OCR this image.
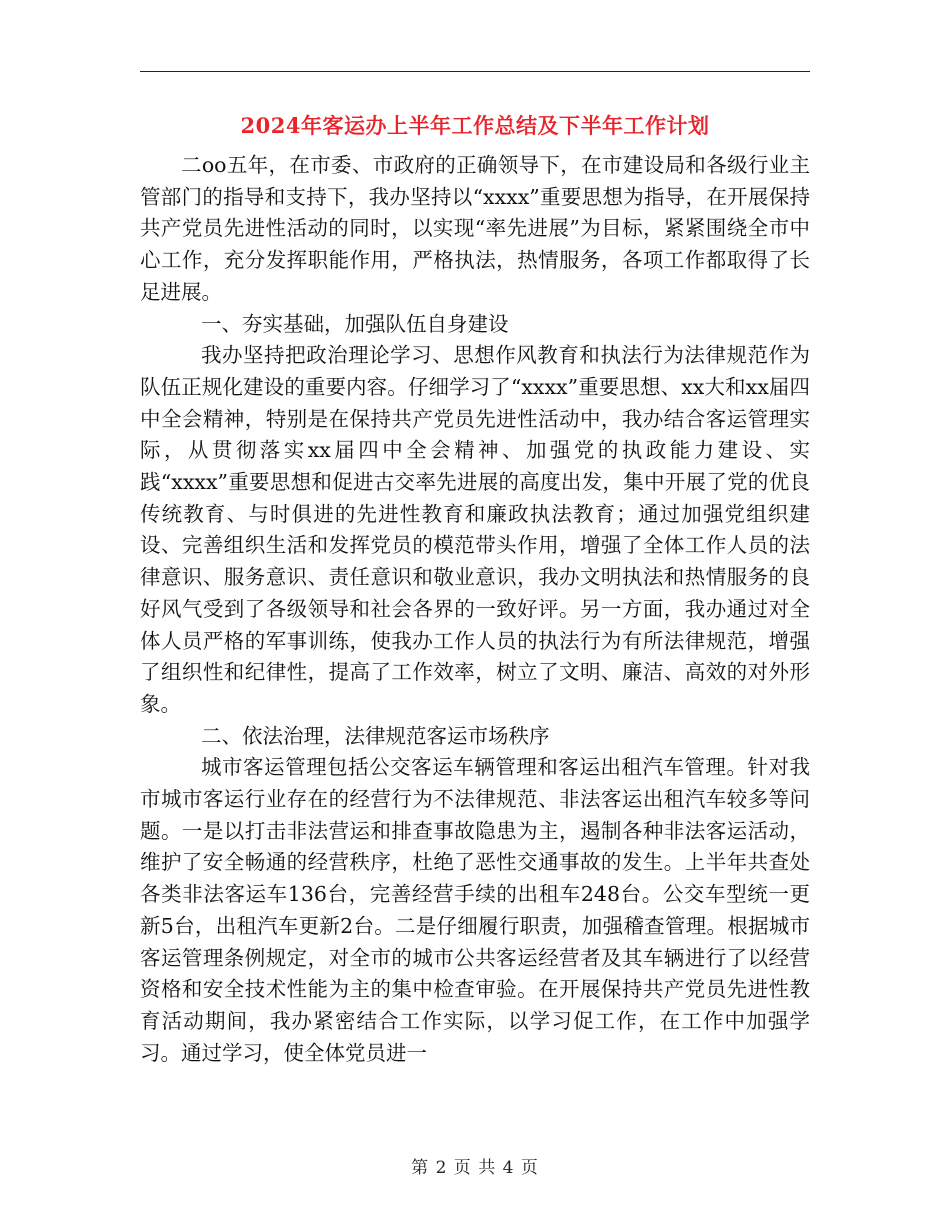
2024年客运办上半年工作总结及下半年工作计划

二oo五年，在市委、市政府的正确领导下，在市建设局和各级行业主管部门的指导和支持下，我办坚持以“xxxx”重要思想为指导，在开展保持共产党员先进性活动的同时，以实现“率先进展”为目标，紧紧围绕全市中心工作，充分发挥职能作用，严格执法，热情服务，各项工作都取得了长足进展。

一、夯实基础，加强队伍自身建设

我办坚持把政治理论学习、思想作风教育和执法行为法律规范作为队伍正规化建设的重要内容。仔细学习了“xxxx”重要思想、xx大和xx届四中全会精神，特别是在保持共产党员先进性活动中，我办结合客运管理实际，从贯彻落实xx届四中全会精神、加强党的执政能力建设、实践“xxxx”重要思想和促进古交率先进展的高度出发，集中开展了党的优良传统教育、与时俱进的先进性教育和廉政执法教育；通过加强党组织建设、完善组织生活和发挥党员的模范带头作用，增强了全体工作人员的法律意识、服务意识、责任意识和敬业意识，我办文明执法和热情服务的良好风气受到了各级领导和社会各界的一致好评。另一方面，我办通过对全体人员严格的军事训练，使我办工作人员的执法行为有所法律规范，增强了组织性和纪律性，提高了工作效率，树立了文明、廉洁、高效的对外形象。

二、依法治理，法律规范客运市场秩序

城市客运管理包括公交客运车辆管理和客运出租汽车管理。针对我市城市客运行业存在的经营行为不法律规范、非法客运出租汽车较多等问题。一是以打击非法营运和排查事故隐患为主，遏制各种非法客运活动，维护了安全畅通的经营秩序，杜绝了恶性交通事故的发生。上半年共查处各类非法客运车136台，完善经营手续的出租车248台。公交车型统一更新5台，出租汽车更新2台。二是仔细履行职责，加强稽查管理。根据城市客运管理条例规定，对全市的城市公共客运经营者及其车辆进行了以经营资格和安全技术性能为主的集中检查审验。在开展保持共产党员先进性教育活动期间，我办紧密结合工作实际，以学习促工作，在工作中加强学习。通过学习，使全体党员进一

第 2 页 共 4 页
